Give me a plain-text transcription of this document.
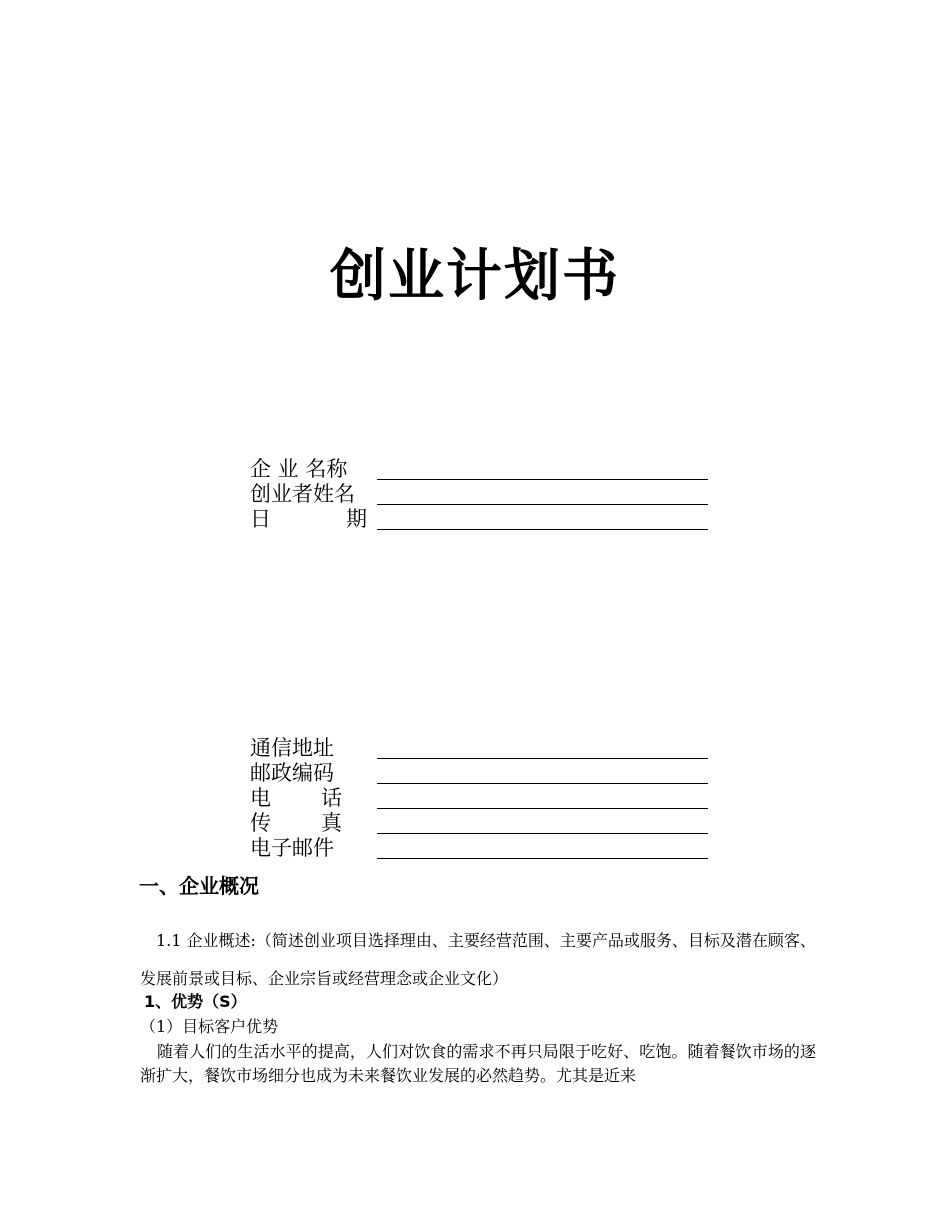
创业计划书
企 业 名称
创业者姓名
日期
通信地址
邮政编码
电话
传真
电子邮件
一、企业概况

1.1 企业概述:（简述创业项目选择理由、主要经营范围、主要产品或服务、目标及潜在顾客、发展前景或目标、企业宗旨或经营理念或企业文化）

1、优势（S）

（1）目标客户优势

随着人们的生活水平的提高，人们对饮食的需求不再只局限于吃好、吃饱。随着餐饮市场的逐渐扩大，餐饮市场细分也成为未来餐饮业发展的必然趋势。尤其是近来
